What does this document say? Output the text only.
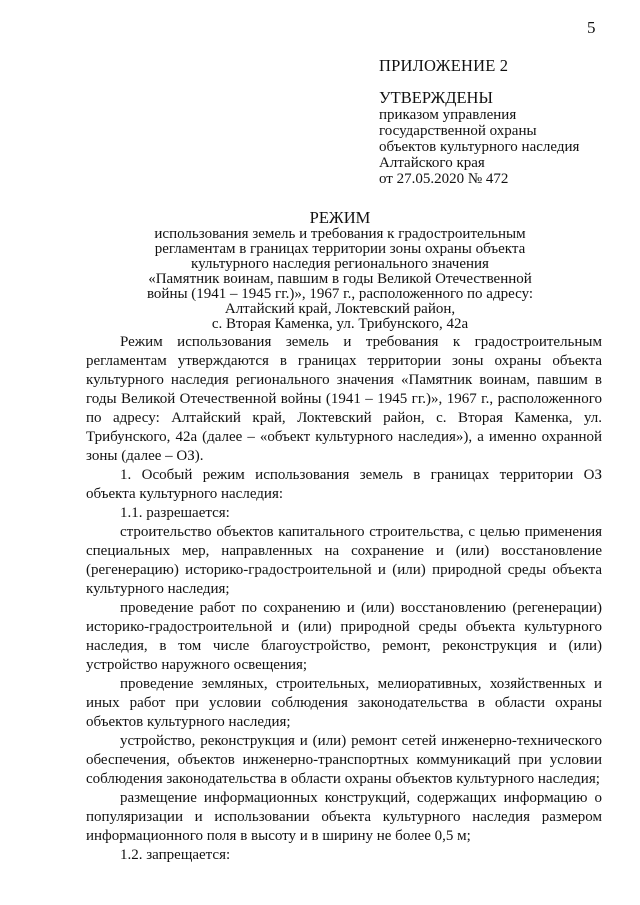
5
ПРИЛОЖЕНИЕ 2
УТВЕРЖДЕНЫ
приказом управления
государственной охраны
объектов культурного наследия
Алтайского края
от 27.05.2020 № 472
РЕЖИМ
использования земель и требования к градостроительным
регламентам в границах территории зоны охраны объекта
культурного наследия регионального значения
«Памятник воинам, павшим в годы Великой Отечественной
войны (1941 – 1945 гг.)», 1967 г., расположенного по адресу:
Алтайский край, Локтевский район,
с. Вторая Каменка, ул. Трибунского, 42а

Режим использования земель и требования к градостроительным регламентам утверждаются в границах территории зоны охраны объекта культурного наследия регионального значения «Памятник воинам, павшим в годы Великой Отечественной войны (1941 – 1945 гг.)», 1967 г., расположенного по адресу: Алтайский край, Локтевский район, с. Вторая Каменка, ул. Трибунского, 42а (далее – «объект культурного наследия»), а именно охранной зоны (далее – ОЗ).

1. Особый режим использования земель в границах территории ОЗ объекта культурного наследия:

1.1. разрешается:

строительство объектов капитального строительства, с целью применения специальных мер, направленных на сохранение и (или) восстановление (регенерацию) историко-градостроительной и (или) природной среды объекта культурного наследия;

проведение работ по сохранению и (или) восстановлению (регенерации) историко-градостроительной и (или) природной среды объекта культурного наследия, в том числе благоустройство, ремонт, реконструкция и (или) устройство наружного освещения;

проведение земляных, строительных, мелиоративных, хозяйственных и иных работ при условии соблюдения законодательства в области охраны объектов культурного наследия;

устройство, реконструкция и (или) ремонт сетей инженерно-технического обеспечения, объектов инженерно-транспортных коммуникаций при условии соблюдения законодательства в области охраны объектов культурного наследия;

размещение информационных конструкций, содержащих информацию о популяризации и использовании объекта культурного наследия размером информационного поля в высоту и в ширину не более 0,5 м;

1.2. запрещается:
